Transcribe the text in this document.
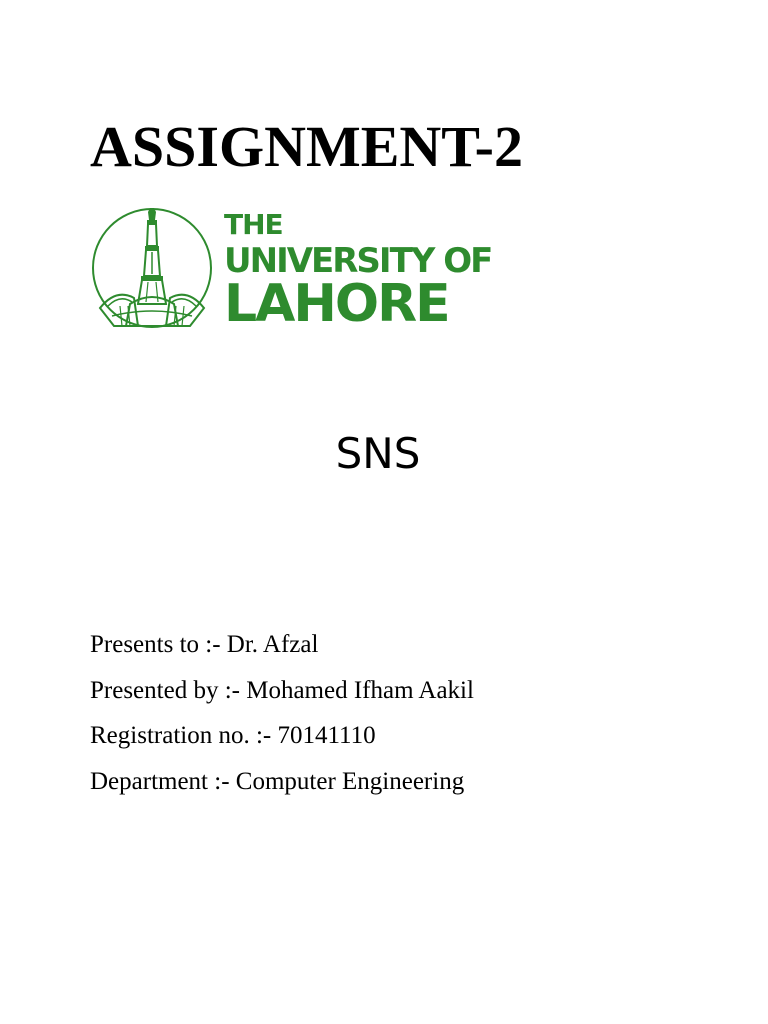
ASSIGNMENT-2
THE
UNIVERSITY OF
LAHORE
SNS
Presents to :- Dr. Afzal
Presented by :- Mohamed Ifham Aakil
Registration no. :- 70141110
Department :- Computer Engineering
